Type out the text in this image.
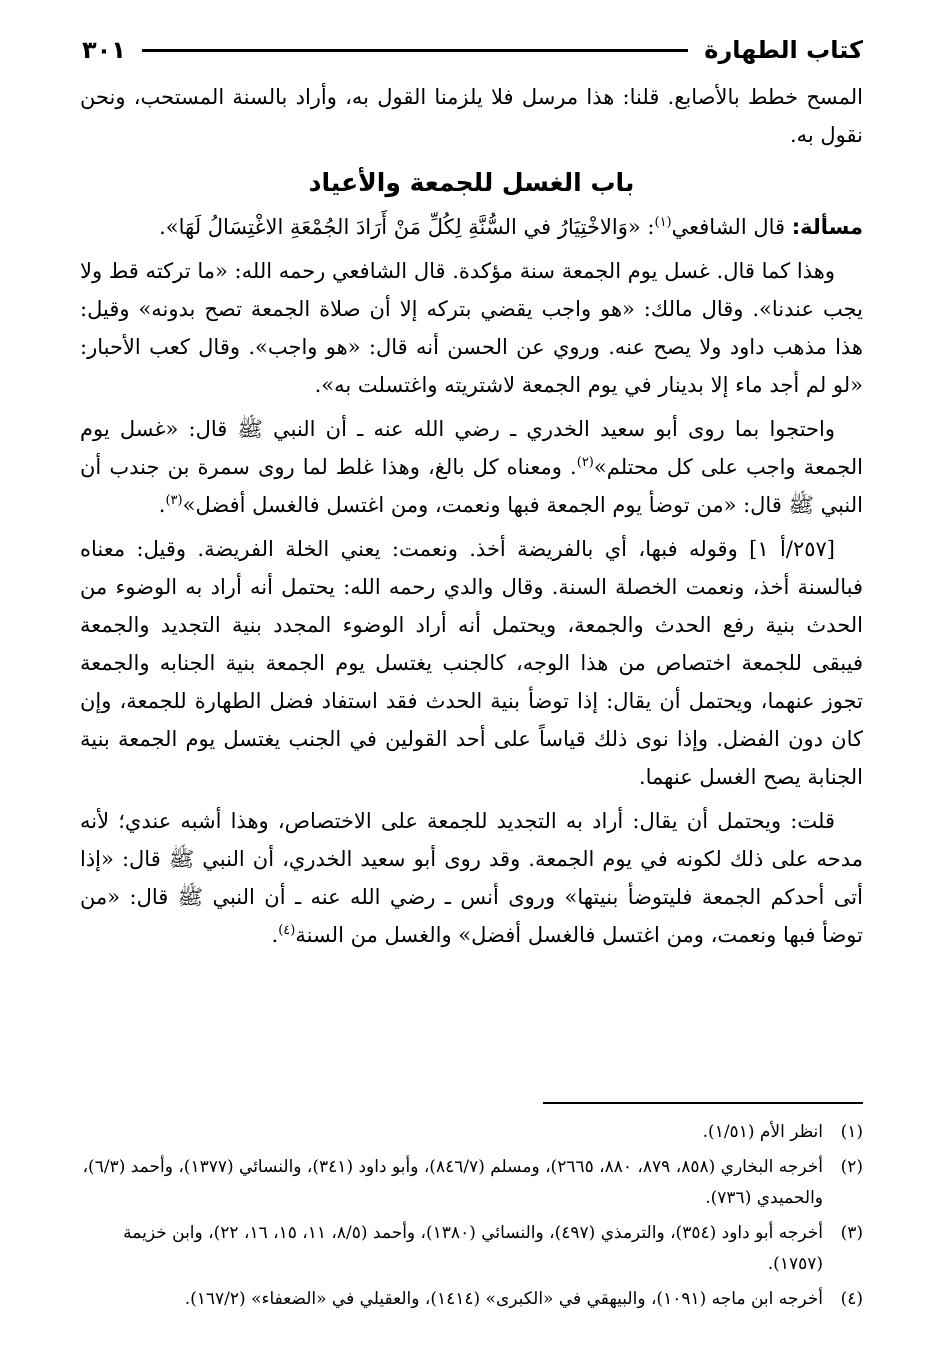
كتاب الطهارة
٣٠١

المسح خطط بالأصابع. قلنا: هذا مرسل فلا يلزمنا القول به، وأراد بالسنة المستحب، ونحن نقول به.

باب الغسل للجمعة والأعياد

مسألة: قال الشافعي$^{(١)}$: «وَالاخْتِيَارُ في السُّنَّةِ لِكُلِّ مَنْ أَرَادَ الجُمْعَةِ الاغْتِسَالُ لَهَا».

وهذا كما قال. غسل يوم الجمعة سنة مؤكدة. قال الشافعي رحمه الله: «ما تركته قط ولا يجب عندنا». وقال مالك: «هو واجب يقضي بتركه إلا أن صلاة الجمعة تصح بدونه» وقيل: هذا مذهب داود ولا يصح عنه. وروي عن الحسن أنه قال: «هو واجب». وقال كعب الأحبار: «لو لم أجد ماء إلا بدينار في يوم الجمعة لاشتريته واغتسلت به».

واحتجوا بما روى أبو سعيد الخدري ـ رضي الله عنه ـ أن النبي ﷺ قال: «غسل يوم الجمعة واجب على كل محتلم»$^{(٢)}$. ومعناه كل بالغ، وهذا غلط لما روى سمرة بن جندب أن النبي ﷺ قال: «من توضأ يوم الجمعة فبها ونعمت، ومن اغتسل فالغسل أفضل»$^{(٣)}$.

[٢٥٧/أ ١] وقوله فبها، أي بالفريضة أخذ. ونعمت: يعني الخلة الفريضة. وقيل: معناه فبالسنة أخذ، ونعمت الخصلة السنة. وقال والدي رحمه الله: يحتمل أنه أراد به الوضوء من الحدث بنية رفع الحدث والجمعة، ويحتمل أنه أراد الوضوء المجدد بنية التجديد والجمعة فيبقى للجمعة اختصاص من هذا الوجه، كالجنب يغتسل يوم الجمعة بنية الجنابه والجمعة تجوز عنهما، ويحتمل أن يقال: إذا توضأ بنية الحدث فقد استفاد فضل الطهارة للجمعة، وإن كان دون الفضل. وإذا نوى ذلك قياساً على أحد القولين في الجنب يغتسل يوم الجمعة بنية الجنابة يصح الغسل عنهما.

قلت: ويحتمل أن يقال: أراد به التجديد للجمعة على الاختصاص، وهذا أشبه عندي؛ لأنه مدحه على ذلك لكونه في يوم الجمعة. وقد روى أبو سعيد الخدري، أن النبي ﷺ قال: «إذا أتى أحدكم الجمعة فليتوضأ بنيتها» وروى أنس ـ رضي الله عنه ـ أن النبي ﷺ قال: «من توضأ فبها ونعمت، ومن اغتسل فالغسل أفضل» والغسل من السنة$^{(٤)}$.

(١)
انظر الأم (١/٥١).
(٢)
أخرجه البخاري (٨٥٨، ٨٧٩، ٨٨٠، ٢٦٦٥)، ومسلم (٨٤٦/٧)، وأبو داود (٣٤١)، والنسائي (١٣٧٧)، وأحمد (٦/٣)، والحميدي (٧٣٦).
(٣)
أخرجه أبو داود (٣٥٤)، والترمذي (٤٩٧)، والنسائي (١٣٨٠)، وأحمد (٨/٥، ١١، ١٥، ١٦، ٢٢)، وابن خزيمة (١٧٥٧).
(٤)
أخرجه ابن ماجه (١٠٩١)، والبيهقي في «الكبرى» (١٤١٤)، والعقيلي في «الضعفاء» (١٦٧/٢).
